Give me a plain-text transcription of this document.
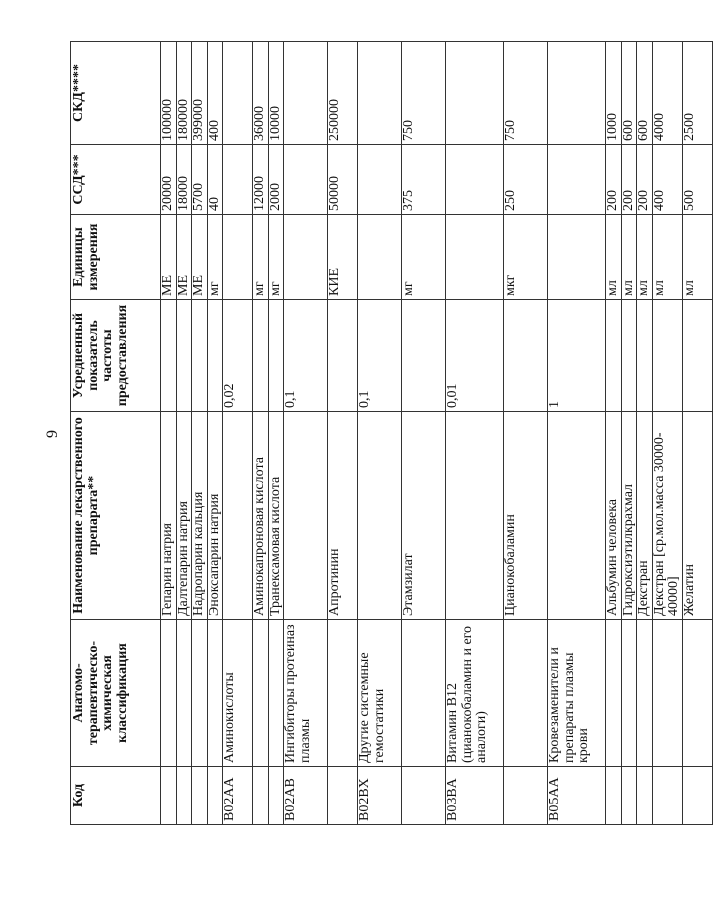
9
Код	Анатомо-терапевтическо-химическая классификация	Наименование лекарственного препарата**	Усредненный показатель частоты предоставления	Единицы измерения	ССД***	СКД****
		Гепарин натрия		МЕ	20000	100000
		Далтепарин натрия		МЕ	18000	180000
		Надропарин кальция		МЕ	5700	399000
		Эноксапарин натрия		мг	40	400
B02AA	Аминокислоты		0,02			
		Аминокапроновая кислота		мг	12000	36000
		Транексамовая кислота		мг	2000	10000
B02AB	Ингибиторы протеиназ плазмы		0,1			
		Апротинин		КИЕ	50000	250000
B02BX	Другие системные гемостатики		0,1			
		Этамзилат		мг	375	750
B03BA	Витамин B12 (цианокобаламин и его аналоги)		0,01			
		Цианокобаламин		мкг	250	750
B05AA	Кровезаменители и препараты плазмы крови		1			
		Альбумин человека		мл	200	1000
		Гидроксиэтилкрахмал		мл	200	600
		Декстран		мл	200	600
		Декстран [ср.мол.масса 30000-40000]		мл	400	4000
		Желатин		мл	500	2500
